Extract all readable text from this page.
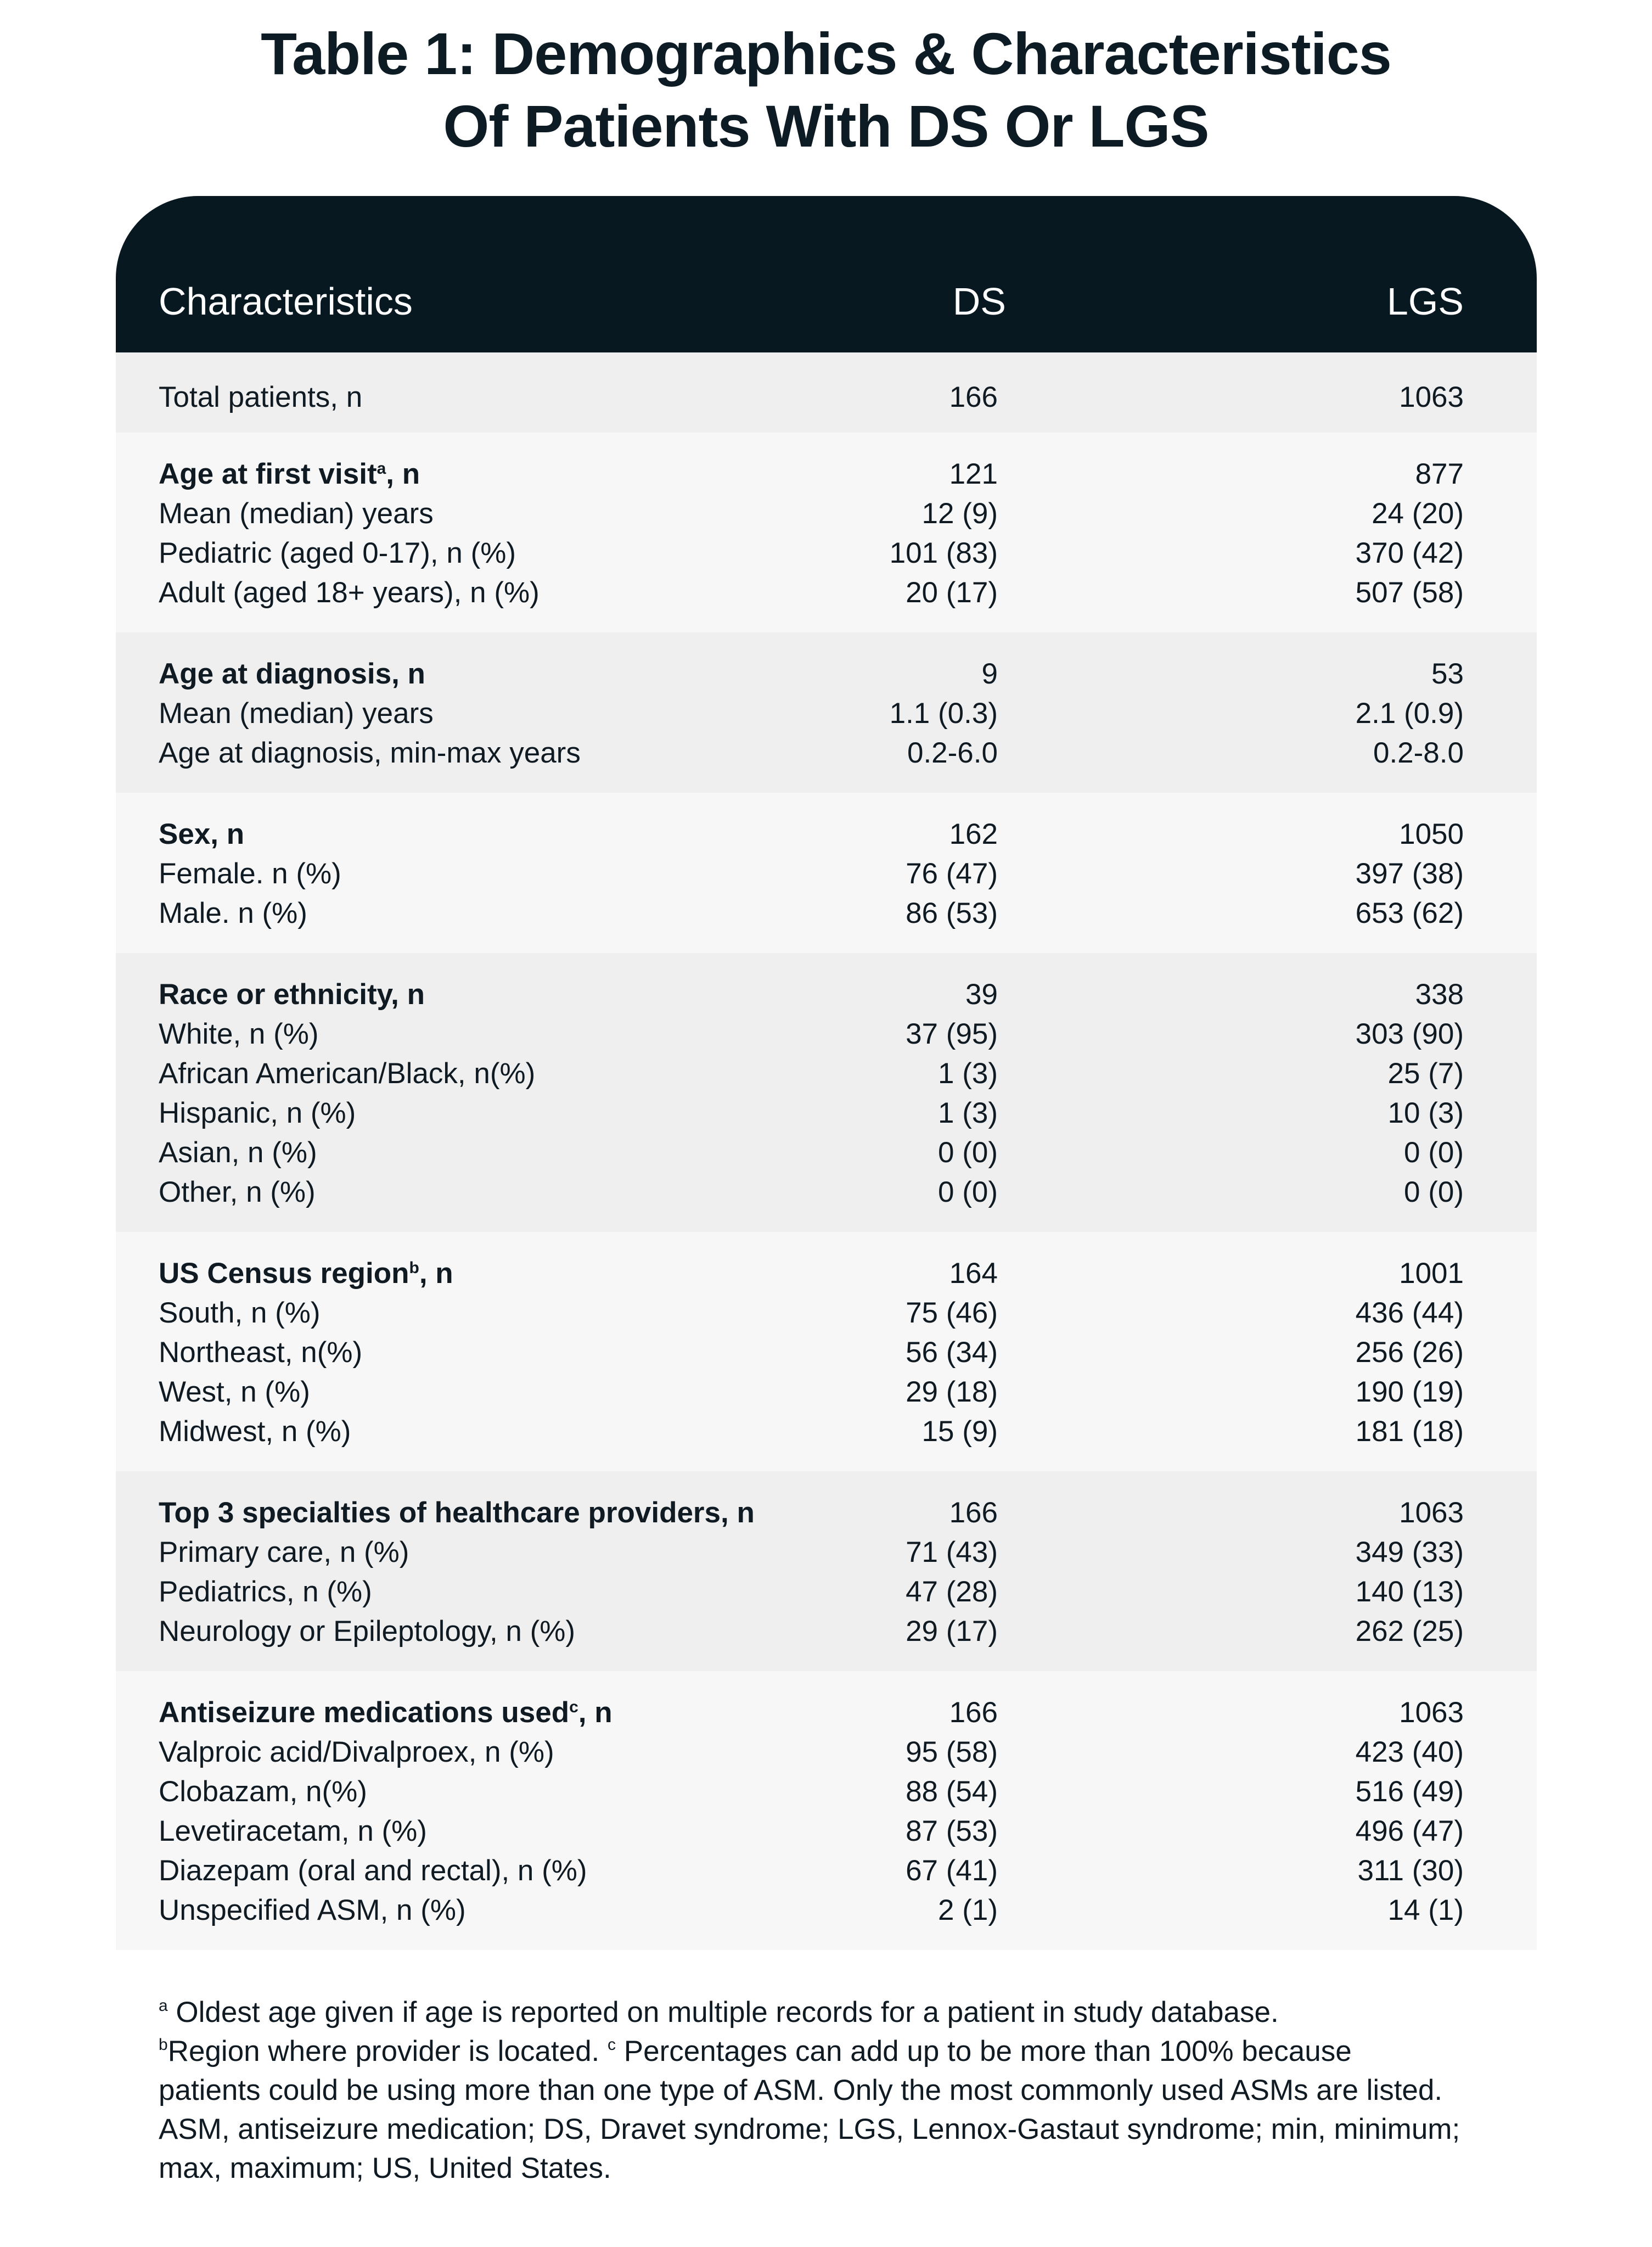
Table 1: Demographics & Characteristics
Of Patients With DS Or LGS
Characteristics	DS	LGS
Total patients, n	166	1063
Age at first visit$^a$, n	121	877
Mean (median) years	12 (9)	24 (20)
Pediatric (aged 0-17), n (%)	101 (83)	370 (42)
Adult (aged 18+ years), n (%)	20 (17)	507 (58)
Age at diagnosis, n	9	53
Mean (median) years	1.1 (0.3)	2.1 (0.9)
Age at diagnosis, min-max years	0.2-6.0	0.2-8.0
Sex, n	162	1050
Female. n (%)	76 (47)	397 (38)
Male. n (%)	86 (53)	653 (62)
Race or ethnicity, n	39	338
White, n (%)	37 (95)	303 (90)
African American/Black, n(%)	1 (3)	25 (7)
Hispanic, n (%)	1 (3)	10 (3)
Asian, n (%)	0 (0)	0 (0)
Other, n (%)	0 (0)	0 (0)
US Census region$^b$, n	164	1001
South, n (%)	75 (46)	436 (44)
Northeast, n(%)	56 (34)	256 (26)
West, n (%)	29 (18)	190 (19)
Midwest, n (%)	15 (9)	181 (18)
Top 3 specialties of healthcare providers, n	166	1063
Primary care, n (%)	71 (43)	349 (33)
Pediatrics, n (%)	47 (28)	140 (13)
Neurology or Epileptology, n (%)	29 (17)	262 (25)
Antiseizure medications used$^c$, n	166	1063
Valproic acid/Divalproex, n (%)	95 (58)	423 (40)
Clobazam, n(%)	88 (54)	516 (49)
Levetiracetam, n (%)	87 (53)	496 (47)
Diazepam (oral and rectal), n (%)	67 (41)	311 (30)
Unspecified ASM, n (%)	2 (1)	14 (1)
$^a$ Oldest age given if age is reported on multiple records for a patient in study database.
$^b$Region where provider is located. $^c$ Percentages can add up to be more than 100% because
patients could be using more than one type of ASM. Only the most commonly used ASMs are listed.
ASM, antiseizure medication; DS, Dravet syndrome; LGS, Lennox-Gastaut syndrome; min, minimum;
max, maximum; US, United States.
